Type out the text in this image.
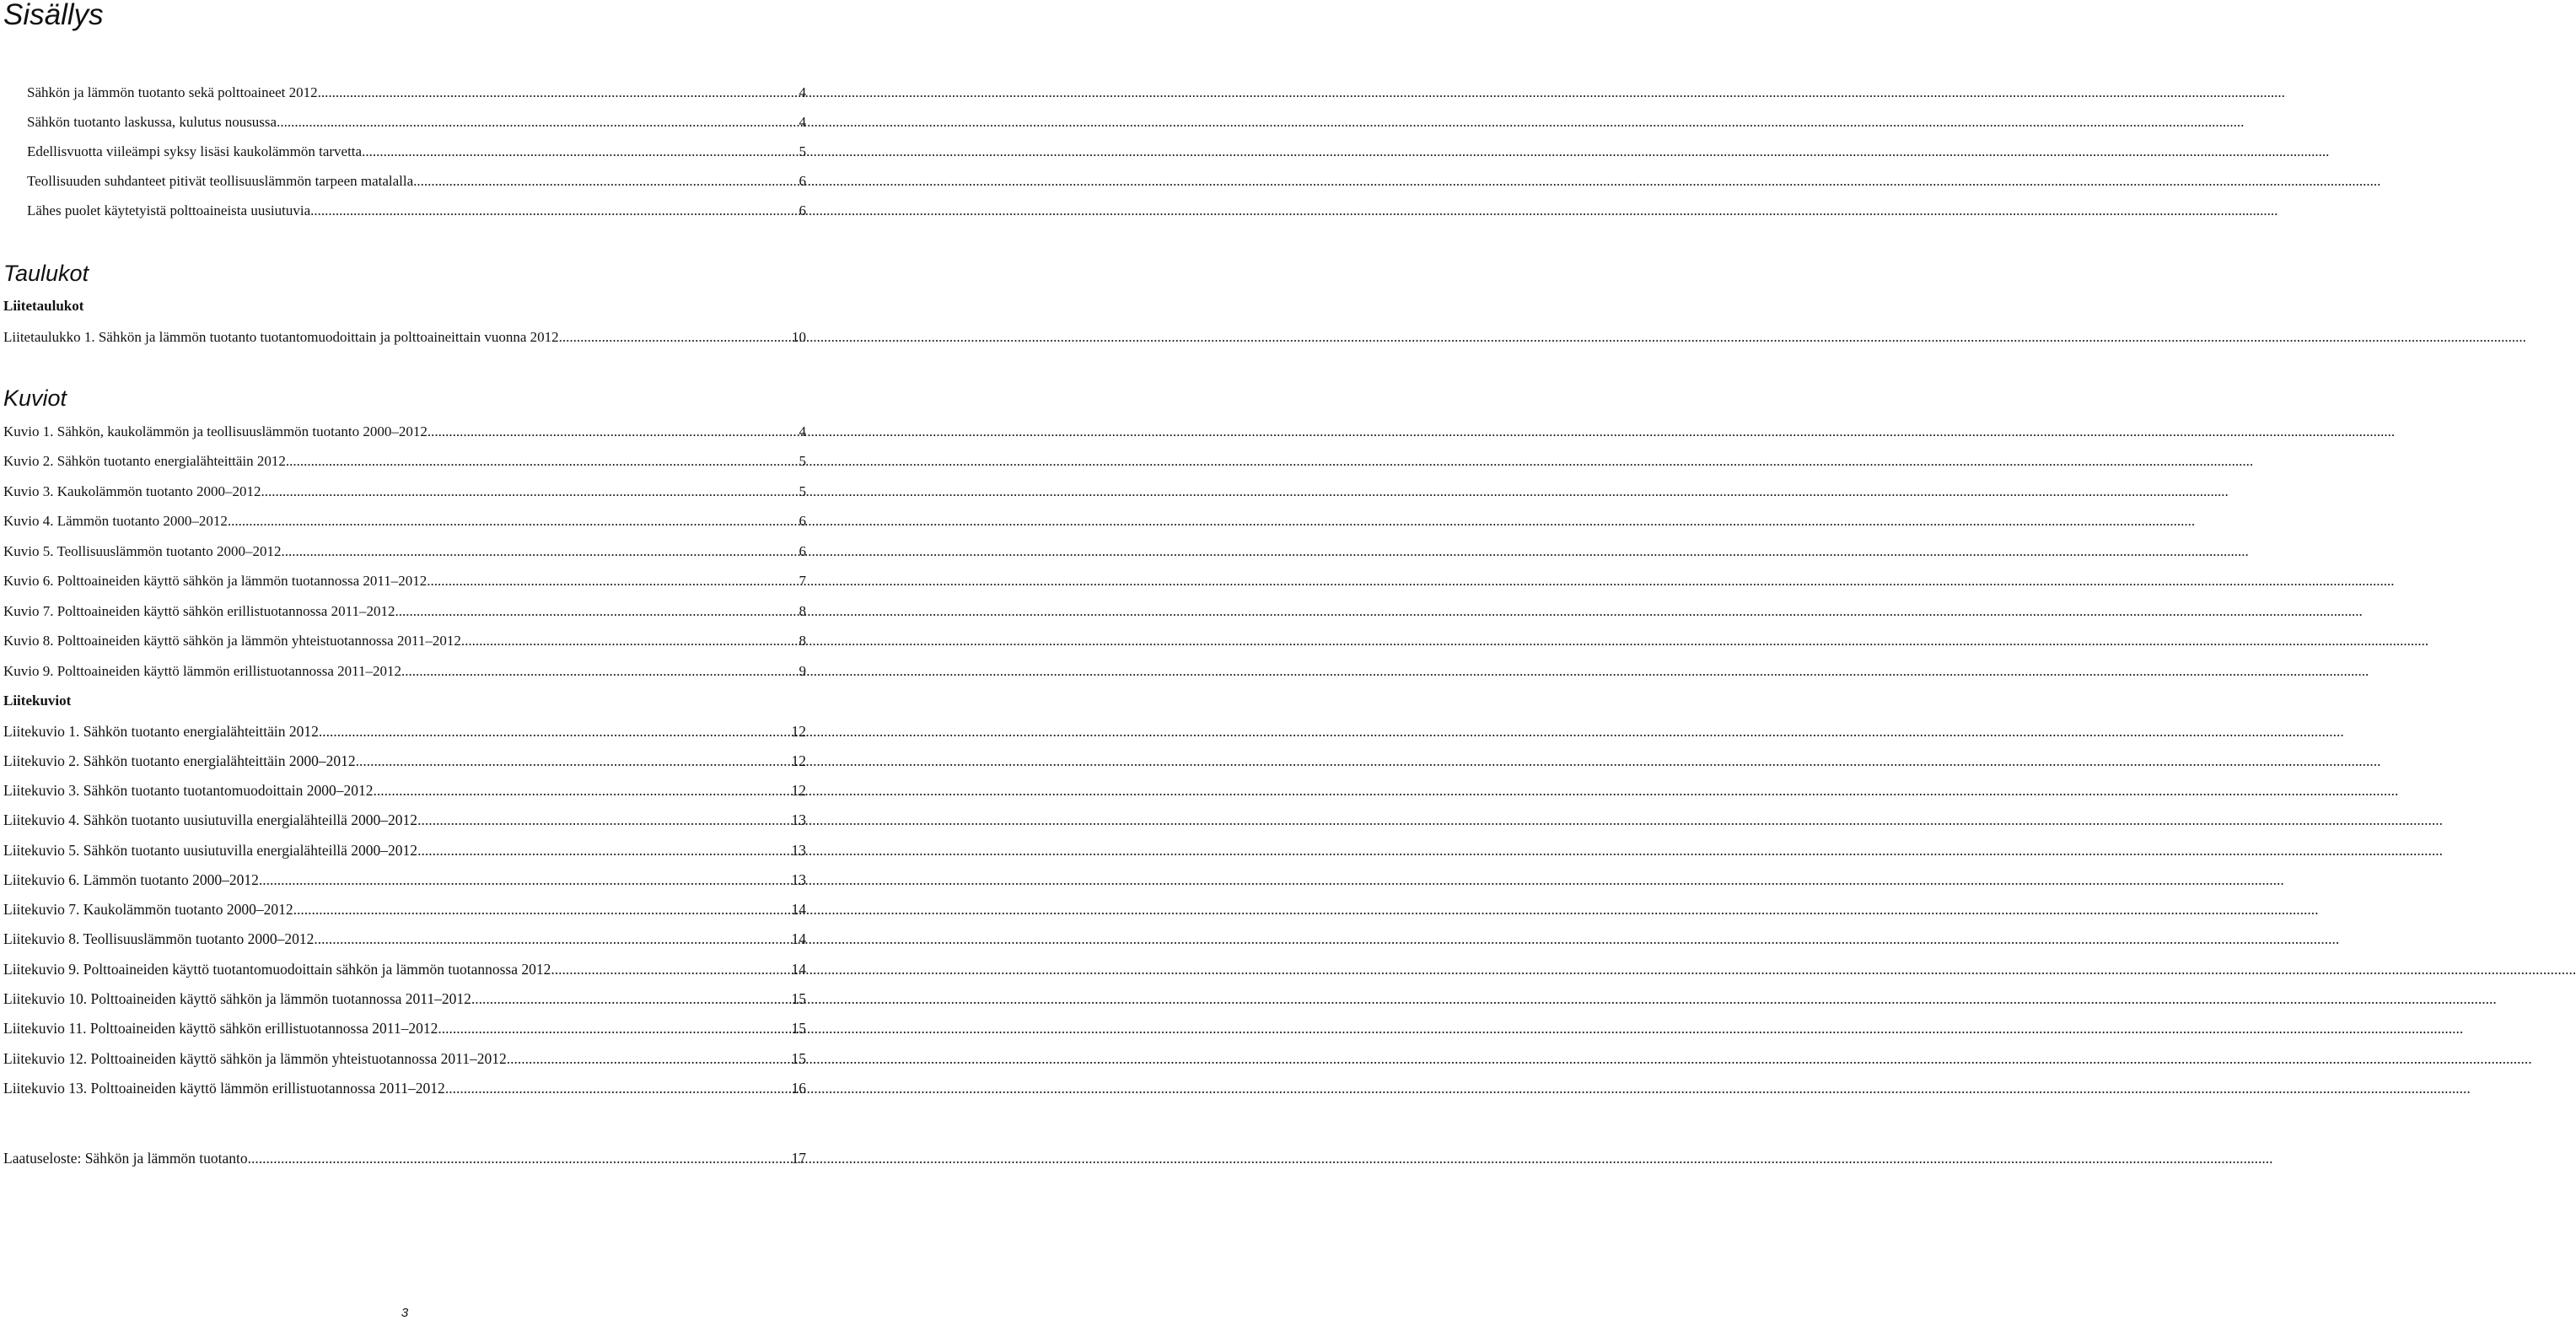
Sisällys
Sähkön ja lämmön tuotanto sekä polttoaineet 2012 .....	4
Sähkön tuotanto laskussa, kulutus nousussa .....	4
Edellisvuotta viileämpi syksy lisäsi kaukolämmön tarvetta .....	5
Teollisuuden suhdanteet pitivät teollisuuslämmön tarpeen matalalla .....	6
Lähes puolet käytetyistä polttoaineista uusiutuvia .....	6
Taulukot
Liitetaulukot
Liitetaulukko 1. Sähkön ja lämmön tuotanto tuotantomuodoittain ja polttoaineittain vuonna 2012 .....	10
Kuviot
Kuvio 1. Sähkön, kaukolämmön ja teollisuuslämmön tuotanto 2000–2012 .....	4
Kuvio 2. Sähkön tuotanto energialähteittäin 2012 .....	5
Kuvio 3. Kaukolämmön tuotanto 2000–2012 .....	5
Kuvio 4. Lämmön tuotanto 2000–2012 .....	6
Kuvio 5. Teollisuuslämmön tuotanto 2000–2012 .....	6
Kuvio 6. Polttoaineiden käyttö sähkön ja lämmön tuotannossa 2011–2012 .....	7
Kuvio 7. Polttoaineiden käyttö sähkön erillistuotannossa 2011–2012 .....	8
Kuvio 8. Polttoaineiden käyttö sähkön ja lämmön yhteistuotannossa 2011–2012 .....	8
Kuvio 9. Polttoaineiden käyttö lämmön erillistuotannossa 2011–2012 .....	9
Liitekuviot
Liitekuvio 1. Sähkön tuotanto energialähteittäin 2012 .....	12
Liitekuvio 2. Sähkön tuotanto energialähteittäin 2000–2012 .....	12
Liitekuvio 3. Sähkön tuotanto tuotantomuodoittain 2000–2012 .....	12
Liitekuvio 4. Sähkön tuotanto uusiutuvilla energialähteillä 2000–2012 .....	13
Liitekuvio 5. Sähkön tuotanto uusiutuvilla energialähteillä 2000–2012 .....	13
Liitekuvio 6. Lämmön tuotanto 2000–2012 .....	13
Liitekuvio 7. Kaukolämmön tuotanto 2000–2012 .....	14
Liitekuvio 8. Teollisuuslämmön tuotanto 2000–2012 .....	14
Liitekuvio 9. Polttoaineiden käyttö tuotantomuodoittain sähkön ja lämmön tuotannossa 2012 .....	14
Liitekuvio 10. Polttoaineiden käyttö sähkön ja lämmön tuotannossa 2011–2012 .....	15
Liitekuvio 11. Polttoaineiden käyttö sähkön erillistuotannossa 2011–2012 .....	15
Liitekuvio 12. Polttoaineiden käyttö sähkön ja lämmön yhteistuotannossa 2011–2012 .....	15
Liitekuvio 13. Polttoaineiden käyttö lämmön erillistuotannossa 2011–2012 .....	16
Laatuseloste: Sähkön ja lämmön tuotanto .....	17
3
